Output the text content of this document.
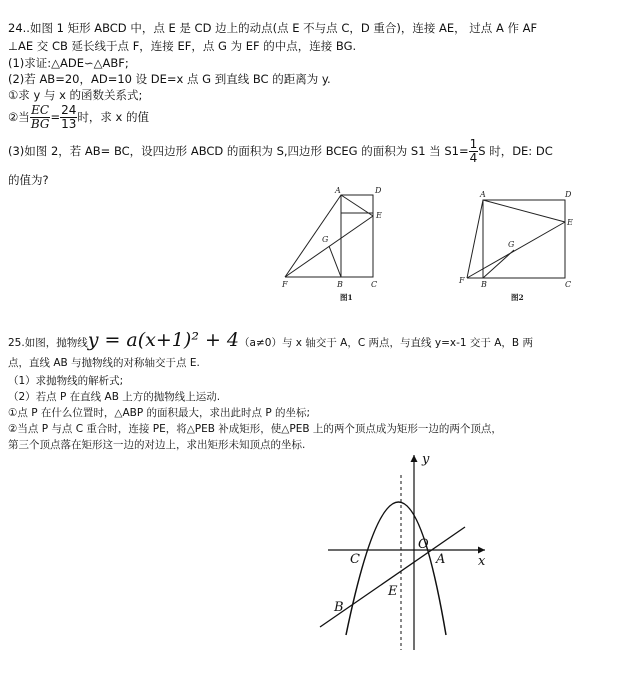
24..如图 1 矩形 ABCD 中，点 E 是 CD 边上的动点(点 E 不与点 C，D 重合)，连接 AE， 过点 A 作 AF
⊥AE 交 CB 延长线于点 F，连接 EF，点 G 为 EF 的中点，连接 BG.
(1)求证:△ADE∽△ABF;
(2)若 AB=20，AD=10 设 DE=x 点 G 到直线 BC 的距离为 y.
①求 y 与 x 的函数关系式;
②当 $\frac{EC}{BG} = \frac{24}{13}$ 时，求 x 的值
(3)如图 2，若 AB= BC，设四边形 ABCD 的面积为 S,四边形 BCEG 的面积为 S1 当 $S1= \frac{1}{4}$ S 时，DE: DC
的值为?
A	D
E
G
F	B	C
图1
A	D
E
G
F B	C
图2
25.如图，抛物线y = a(x+1)² + 4（a≠0）与 x 轴交于 A，C 两点，与直线 y=x-1 交于 A，B 两
点，直线 AB 与抛物线的对称轴交于点 E.
（1）求抛物线的解析式;
（2）若点 P 在直线 AB 上方的抛物线上运动.
①点 P 在什么位置时，△ABP 的面积最大，求出此时点 P 的坐标;
②当点 P 与点 C 重合时，连接 PE，将△PEB 补成矩形，使△PEB 上的两个顶点成为矩形一边的两个顶点，
第三个顶点落在矩形这一边的对边上，求出矩形未知顶点的坐标.
y
x
O
A
C
E
B
